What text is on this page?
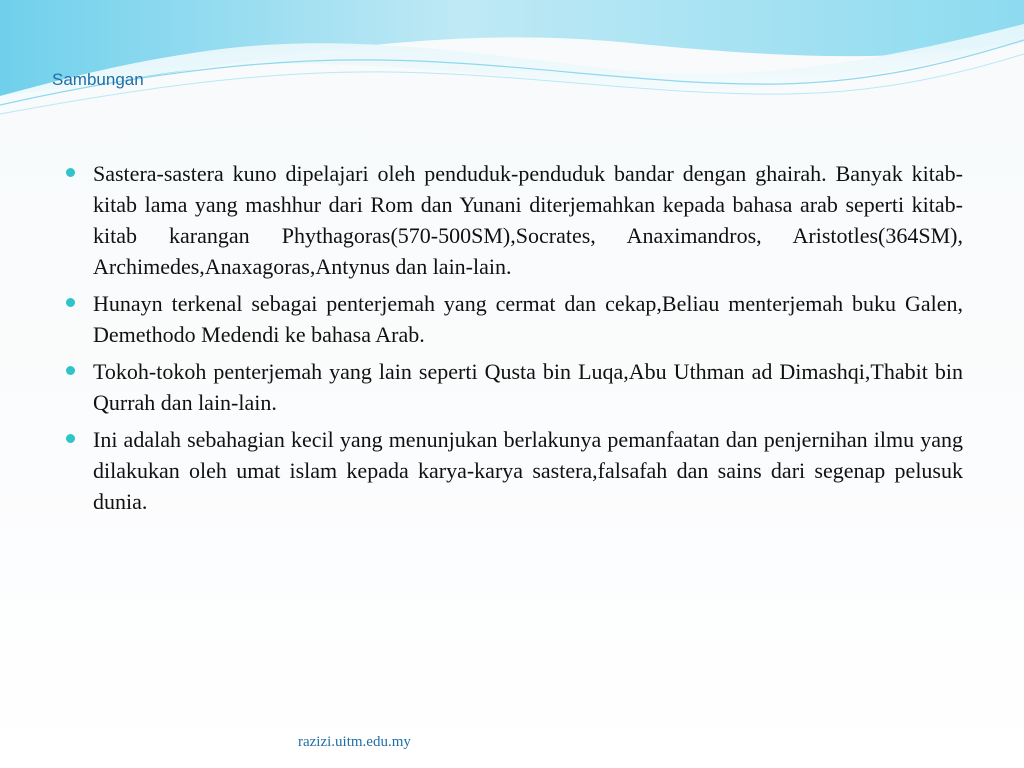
Sambungan
Sastera-sastera kuno dipelajari oleh penduduk-penduduk bandar dengan ghairah. Banyak kitab-kitab lama yang mashhur dari Rom dan Yunani diterjemahkan kepada bahasa arab seperti kitab-kitab karangan Phythagoras(570-500SM),Socrates, Anaximandros, Aristotles(364SM), Archimedes,Anaxagoras,Antynus dan lain-lain.
Hunayn terkenal sebagai penterjemah yang cermat dan cekap,Beliau menterjemah buku Galen, Demethodo Medendi ke bahasa Arab.
Tokoh-tokoh penterjemah yang lain seperti Qusta bin Luqa,Abu Uthman ad Dimashqi,Thabit bin Qurrah dan lain-lain.
Ini adalah sebahagian kecil yang menunjukan berlakunya pemanfaatan dan penjernihan ilmu yang dilakukan oleh umat islam kepada karya-karya sastera,falsafah dan sains dari segenap pelusuk dunia.

razizi.uitm.edu.my
